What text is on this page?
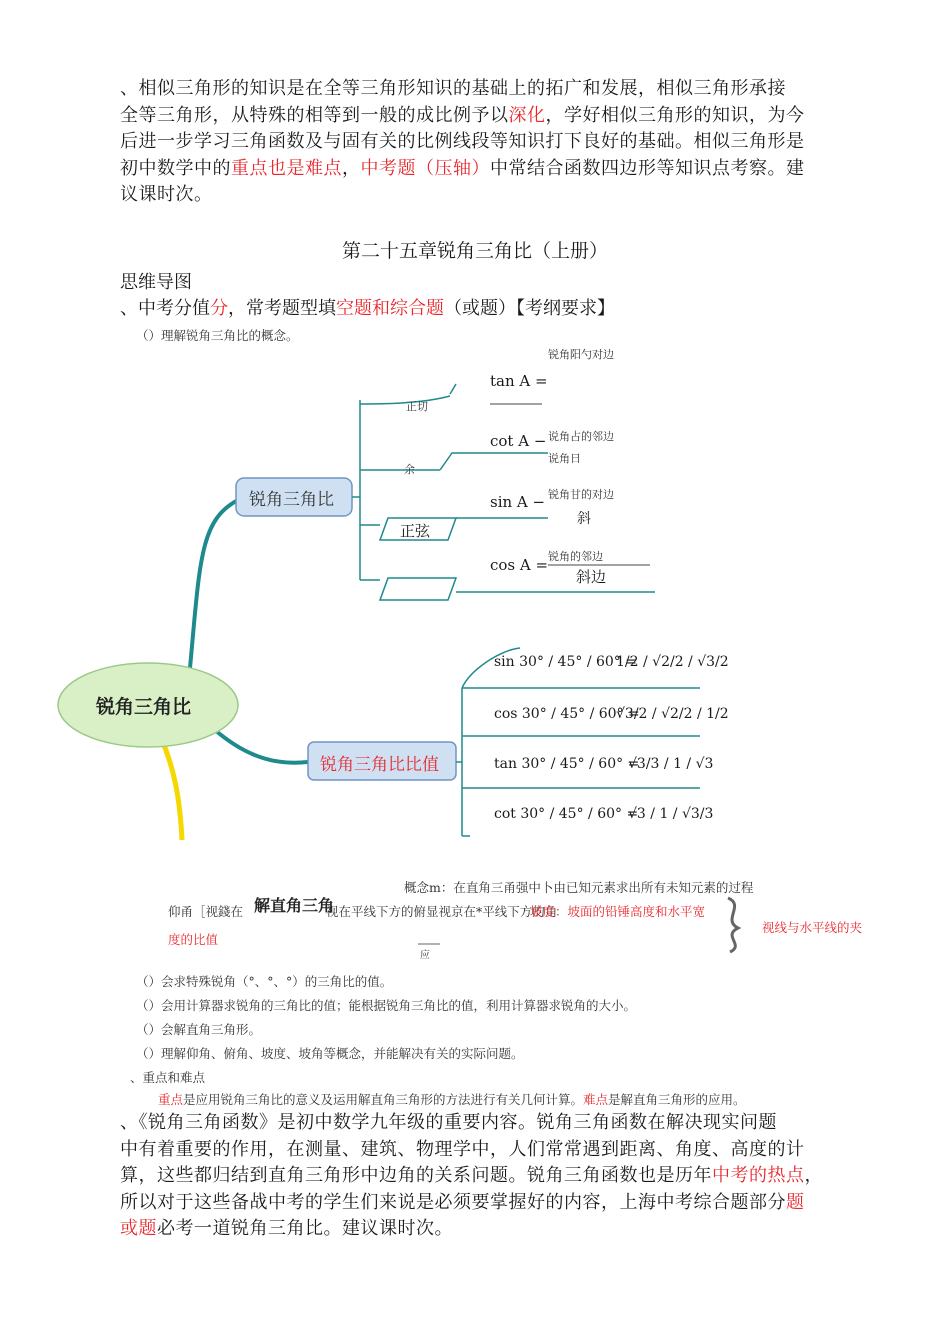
、相似三角形的知识是在全等三角形知识的基础上的拓广和发展，相似三角形承接
全等三角形，从特殊的相等到一般的成比例予以深化，学好相似三角形的知识，为今
后进一步学习三角函数及与固有关的比例线段等知识打下良好的基础。相似三角形是
初中数学中的重点也是难点，中考题（压轴）中常结合函数四边形等知识点考察。建
议课时次。
第二十五章锐角三角比（上册）
思维导图
、中考分值分，常考题型填空题和综合题（或题）【考纲要求】
（）理解锐角三角比的概念。
锐角三角比
锐角三角比
锐角三角比比值
解直角三角
锐角阳勺对边
正切
tan A =
cot A − 说角占的邻边
说角日
余
sin A − 锐角甘的对边
斜
正弦
cos A = 锐角的邻边
斜边
sin 30° / 45° / 60° =
1/2 / √2/2 / √3/2
cos 30° / 45° / 60° =
√3/2 / √2/2 / 1/2
tan 30° / 45° / 60° =
√3/3 / 1 / √3
cot 30° / 45° / 60° =
√3 / 1 / √3/3
概念m：在直角三甬强中卜由已知元素求出所有未知元素的过程
仰甬［视錢在	视在平线下方的俯显视京在*平线下方的角
坡度：坡面的铅锤高度和水平宽
度的比值
视线与水平线的夹
应
（）会求特殊锐角（°、°、°）的三角比的值。
（）会用计算器求锐角的三角比的值；能根据锐角三角比的值，利用计算器求锐角的大小。
（）会解直角三角形。
（）理解仰角、俯角、坡度、坡角等概念，并能解决有关的实际问题。
、重点和难点
重点是应用锐角三角比的意义及运用解直角三角形的方法进行有关几何计算。难点是解直角三角形的应用。
、《锐角三角函数》是初中数学九年级的重要内容。锐角三角函数在解决现实问题
中有着重要的作用，在测量、建筑、物理学中，人们常常遇到距离、角度、高度的计
算，这些都归结到直角三角形中边角的关系问题。锐角三角函数也是历年中考的热点，
所以对于这些备战中考的学生们来说是必须要掌握好的内容，上海中考综合题部分题
或题必考一道锐角三角比。建议课时次。
